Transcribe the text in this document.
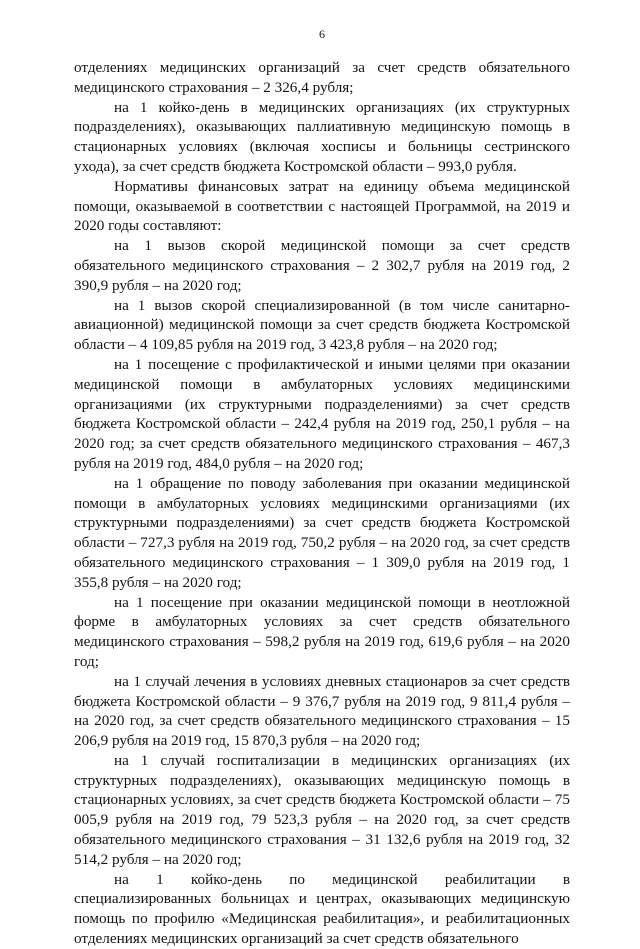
6

отделениях медицинских организаций за счет средств обязательного медицинского страхования – 2 326,4 рубля;

на 1 койко-день в медицинских организациях (их структурных подразделениях), оказывающих паллиативную медицинскую помощь в стационарных условиях (включая хосписы и больницы сестринского ухода), за счет средств бюджета Костромской области – 993,0 рубля.

Нормативы финансовых затрат на единицу объема медицинской помощи, оказываемой в соответствии с настоящей Программой, на 2019 и 2020 годы составляют:

на 1 вызов скорой медицинской помощи за счет средств обязательного медицинского страхования – 2 302,7 рубля на 2019 год, 2 390,9 рубля – на 2020 год;

на 1 вызов скорой специализированной (в том числе санитарно-авиационной) медицинской помощи за счет средств бюджета Костромской области – 4 109,85 рубля на 2019 год, 3 423,8 рубля – на 2020 год;

на 1 посещение с профилактической и иными целями при оказании медицинской помощи в амбулаторных условиях медицинскими организациями (их структурными подразделениями) за счет средств бюджета Костромской области – 242,4 рубля на 2019 год, 250,1 рубля – на 2020 год; за счет средств обязательного медицинского страхования – 467,3 рубля на 2019 год, 484,0 рубля – на 2020 год;

на 1 обращение по поводу заболевания при оказании медицинской помощи в амбулаторных условиях медицинскими организациями (их структурными подразделениями) за счет средств бюджета Костромской области – 727,3 рубля на 2019 год, 750,2 рубля – на 2020 год, за счет средств обязательного медицинского страхования – 1 309,0 рубля на 2019 год, 1 355,8 рубля – на 2020 год;

на 1 посещение при оказании медицинской помощи в неотложной форме в амбулаторных условиях за счет средств обязательного медицинского страхования – 598,2 рубля на 2019 год, 619,6 рубля – на 2020 год;

на 1 случай лечения в условиях дневных стационаров за счет средств бюджета Костромской области – 9 376,7 рубля на 2019 год, 9 811,4 рубля – на 2020 год, за счет средств обязательного медицинского страхования – 15 206,9 рубля на 2019 год, 15 870,3 рубля – на 2020 год;

на 1 случай госпитализации в медицинских организациях (их структурных подразделениях), оказывающих медицинскую помощь в стационарных условиях, за счет средств бюджета Костромской области – 75 005,9 рубля на 2019 год, 79 523,3 рубля – на 2020 год, за счет средств обязательного медицинского страхования – 31 132,6 рубля на 2019 год, 32 514,2 рубля – на 2020 год;

на 1 койко-день по медицинской реабилитации в специализированных больницах и центрах, оказывающих медицинскую помощь по профилю «Медицинская реабилитация», и реабилитационных отделениях медицинских организаций за счет средств обязательного
